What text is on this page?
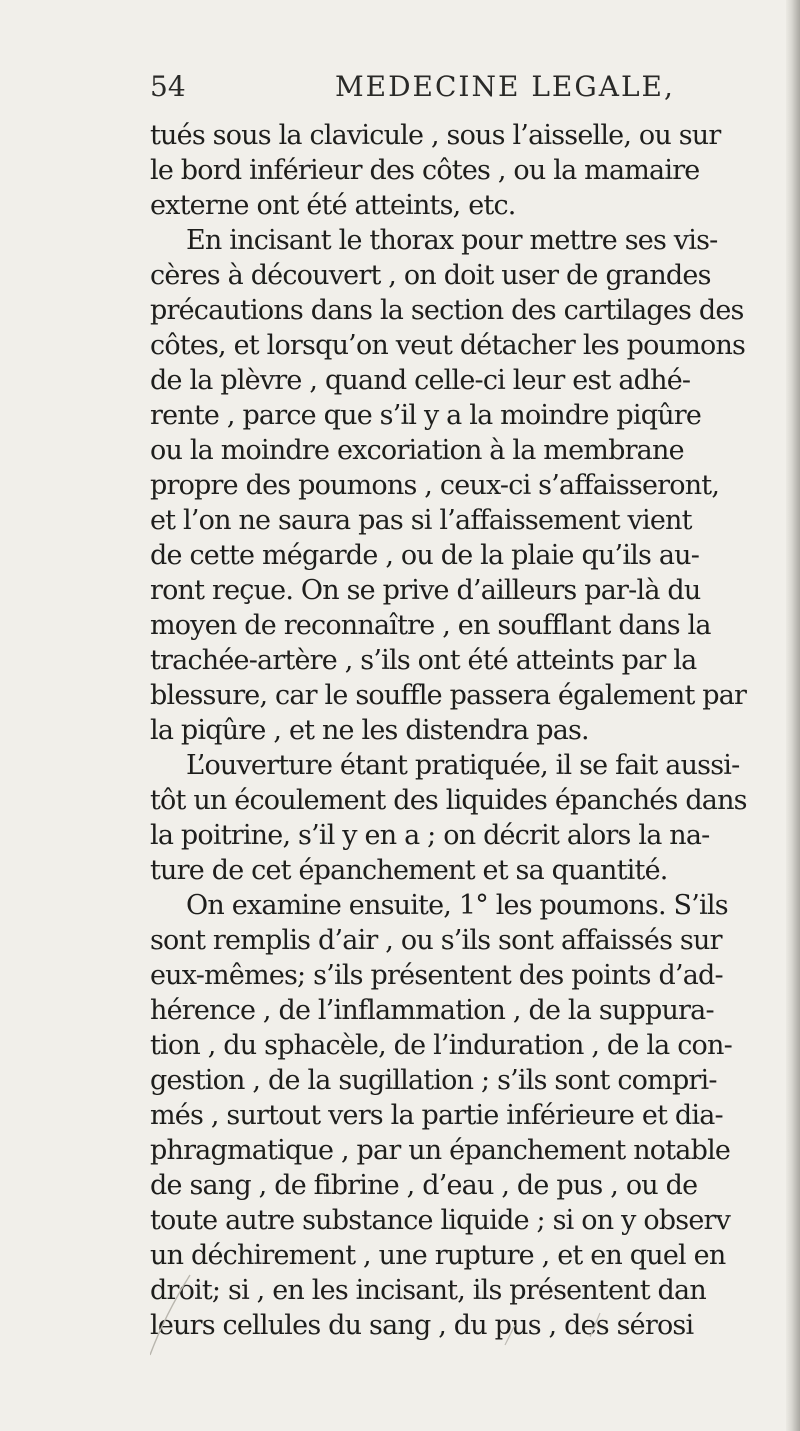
54	MEDECINE LEGALE,
tués sous la clavicule , sous l’aisselle, ou sur
le bord inférieur des côtes , ou la mamaire
externe ont été atteints, etc.
En incisant le thorax pour mettre ses vis-
cères à découvert , on doit user de grandes
précautions dans la section des cartilages des
côtes, et lorsqu’on veut détacher les poumons
de la plèvre , quand celle-ci leur est adhé-
rente , parce que s’il y a la moindre piqûre
ou la moindre excoriation à la membrane
propre des poumons , ceux-ci s’affaisseront,
et l’on ne saura pas si l’affaissement vient
de cette mégarde , ou de la plaie qu’ils au-
ront reçue. On se prive d’ailleurs par-là du
moyen de reconnaître , en soufflant dans la
trachée-artère , s’ils ont été atteints par la
blessure, car le souffle passera également par
la piqûre , et ne les distendra pas.
L’ouverture étant pratiquée, il se fait aussi-
tôt un écoulement des liquides épanchés dans
la poitrine, s’il y en a ; on décrit alors la na-
ture de cet épanchement et sa quantité.
On examine ensuite, 1° les poumons. S’ils
sont remplis d’air , ou s’ils sont affaissés sur
eux-mêmes; s’ils présentent des points d’ad-
hérence , de l’inflammation , de la suppura-
tion , du sphacèle, de l’induration , de la con-
gestion , de la sugillation ; s’ils sont compri-
més , surtout vers la partie inférieure et dia-
phragmatique , par un épanchement notable
de sang , de fibrine , d’eau , de pus , ou de
toute autre substance liquide ; si on y observ
un déchirement , une rupture , et en quel en
droit; si , en les incisant, ils présentent dan
leurs cellules du sang , du pus , des sérosi
